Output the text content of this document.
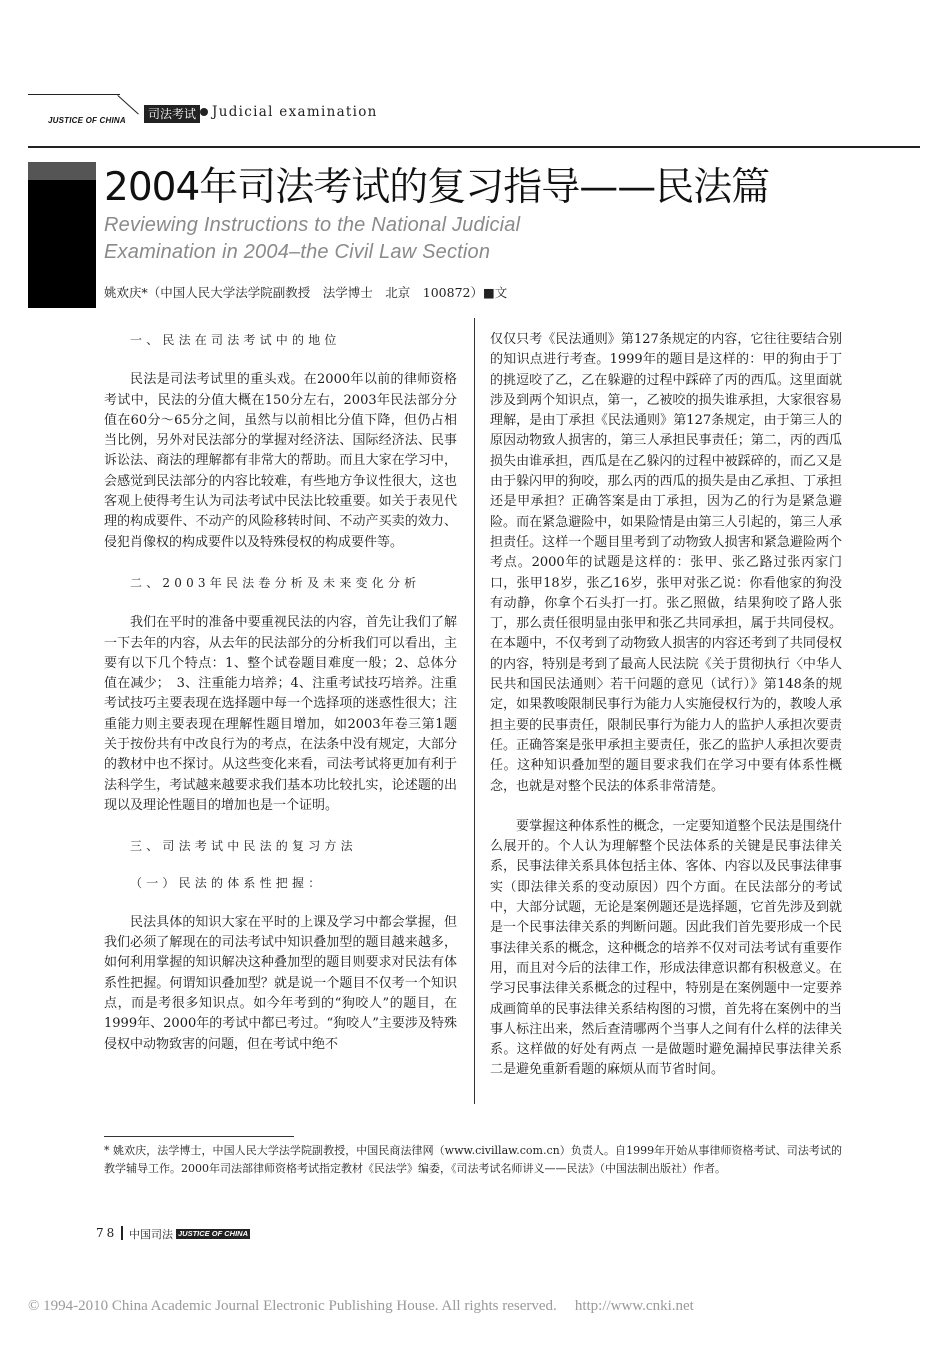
JUSTICE OF CHINA	司法考试 Judicial examination
2004年司法考试的复习指导——民法篇
Reviewing Instructions to the National Judicial
Examination in 2004–the Civil Law Section
姚欢庆*（中国人民大学法学院副教授　法学博士　北京　100872）■文
一、民法在司法考试中的地位

民法是司法考试里的重头戏。在2000年以前的律师资格考试中，民法的分值大概在150分左右，2003年民法部分分值在60分～65分之间，虽然与以前相比分值下降，但仍占相当比例，另外对民法部分的掌握对经济法、国际经济法、民事诉讼法、商法的理解都有非常大的帮助。而且大家在学习中，会感觉到民法部分的内容比较难，有些地方争议性很大，这也客观上使得考生认为司法考试中民法比较重要。如关于表见代理的构成要件、不动产的风险移转时间、不动产买卖的效力、侵犯肖像权的构成要件以及特殊侵权的构成要件等。

二、2003年民法卷分析及未来变化分析

我们在平时的准备中要重视民法的内容，首先让我们了解一下去年的内容，从去年的民法部分的分析我们可以看出，主要有以下几个特点：1、整个试卷题目难度一般；2、总体分值在减少；　3、注重能力培养；4、注重考试技巧培养。注重考试技巧主要表现在选择题中每一个选择项的迷惑性很大；注重能力则主要表现在理解性题目增加，如2003年卷三第1题关于按份共有中改良行为的考点，在法条中没有规定，大部分的教材中也不探讨。从这些变化来看，司法考试将更加有利于法科学生，考试越来越要求我们基本功比较扎实，论述题的出现以及理论性题目的增加也是一个证明。

三、司法考试中民法的复习方法
（一）民法的体系性把握：

民法具体的知识大家在平时的上课及学习中都会掌握，但我们必须了解现在的司法考试中知识叠加型的题目越来越多，如何利用掌握的知识解决这种叠加型的题目则要求对民法有体系性把握。何谓知识叠加型？就是说一个题目不仅考一个知识点，而是考很多知识点。如今年考到的“狗咬人”的题目，在1999年、2000年的考试中都已考过。“狗咬人”主要涉及特殊侵权中动物致害的问题，但在考试中绝不

仅仅只考《民法通则》第127条规定的内容，它往往要结合别的知识点进行考查。1999年的题目是这样的：甲的狗由于丁的挑逗咬了乙，乙在躲避的过程中踩碎了丙的西瓜。这里面就涉及到两个知识点，第一，乙被咬的损失谁承担，大家很容易理解，是由丁承担《民法通则》第127条规定，由于第三人的原因动物致人损害的，第三人承担民事责任；第二，丙的西瓜损失由谁承担，西瓜是在乙躲闪的过程中被踩碎的，而乙又是由于躲闪甲的狗咬，那么丙的西瓜的损失是由乙承担、丁承担还是甲承担？正确答案是由丁承担，因为乙的行为是紧急避险。而在紧急避险中，如果险情是由第三人引起的，第三人承担责任。这样一个题目里考到了动物致人损害和紧急避险两个考点。2000年的试题是这样的：张甲、张乙路过张丙家门口，张甲18岁，张乙16岁，张甲对张乙说：你看他家的狗没有动静，你拿个石头打一打。张乙照做，结果狗咬了路人张丁，那么责任很明显由张甲和张乙共同承担，属于共同侵权。在本题中，不仅考到了动物致人损害的内容还考到了共同侵权的内容，特别是考到了最高人民法院《关于贯彻执行〈中华人民共和国民法通则〉若干问题的意见（试行）》第148条的规定，如果教唆限制民事行为能力人实施侵权行为的，教唆人承担主要的民事责任，限制民事行为能力人的监护人承担次要责任。正确答案是张甲承担主要责任，张乙的监护人承担次要责任。这种知识叠加型的题目要求我们在学习中要有体系性概念，也就是对整个民法的体系非常清楚。

要掌握这种体系性的概念，一定要知道整个民法是围绕什么展开的。个人认为理解整个民法体系的关键是民事法律关系，民事法律关系具体包括主体、客体、内容以及民事法律事实（即法律关系的变动原因）四个方面。在民法部分的考试中，大部分试题，无论是案例题还是选择题，它首先涉及到就是一个民事法律关系的判断问题。因此我们首先要形成一个民事法律关系的概念，这种概念的培养不仅对司法考试有重要作用，而且对今后的法律工作，形成法律意识都有积极意义。在学习民事法律关系概念的过程中，特别是在案例题中一定要养成画简单的民事法律关系结构图的习惯，首先将在案例中的当事人标注出来，然后查清哪两个当事人之间有什么样的法律关系。这样做的好处有两点 一是做题时避免漏掉民事法律关系 二是避免重新看题的麻烦从而节省时间。

* 姚欢庆，法学博士，中国人民大学法学院副教授，中国民商法律网（www.civillaw.com.cn）负责人。自1999年开始从事律师资格考试、司法考试的教学辅导工作。2000年司法部律师资格考试指定教材《民法学》编委，《司法考试名师讲义——民法》（中国法制出版社）作者。
78 中国司法 JUSTICE OF CHINA
© 1994-2010 China Academic Journal Electronic Publishing House. All rights reserved. http://www.cnki.net
